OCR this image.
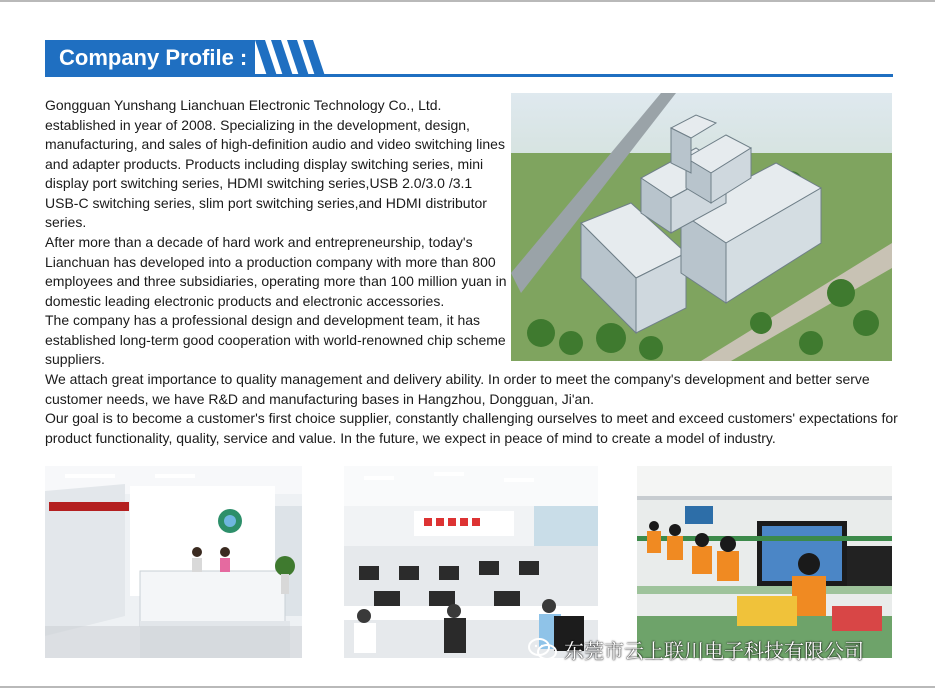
Company Profile :
Gongguan Yunshang Lianchuan Electronic Technology Co., Ltd. established in year of 2008. Specializing in the development, design, manufacturing, and sales of high-definition audio and video switching lines and adapter products. Products including display switching series, mini display port switching series, HDMI switching series,USB 2.0/3.0 /3.1 USB-C switching series, slim port switching series,and HDMI distributor series.
After more than a decade of hard work and entrepreneurship, today's Lianchuan has developed into a production company with more than 800 employees and three subsidiaries, operating more than 100 million yuan in domestic leading electronic products and electronic accessories.
The company has a professional design and development team, it has established long-term good cooperation with world-renowned chip scheme suppliers.
We attach great importance to quality management and delivery ability. In order to meet the company's development and better serve customer needs, we have R&D and manufacturing bases in Hangzhou, Dongguan, Ji'an.
Our goal is to become a customer's first choice supplier, constantly challenging ourselves to meet and exceed customers' expectations for product functionality, quality, service and value. In the future, we expect in peace of mind to create a model of industry.
东莞市云上联川电子科技有限公司
